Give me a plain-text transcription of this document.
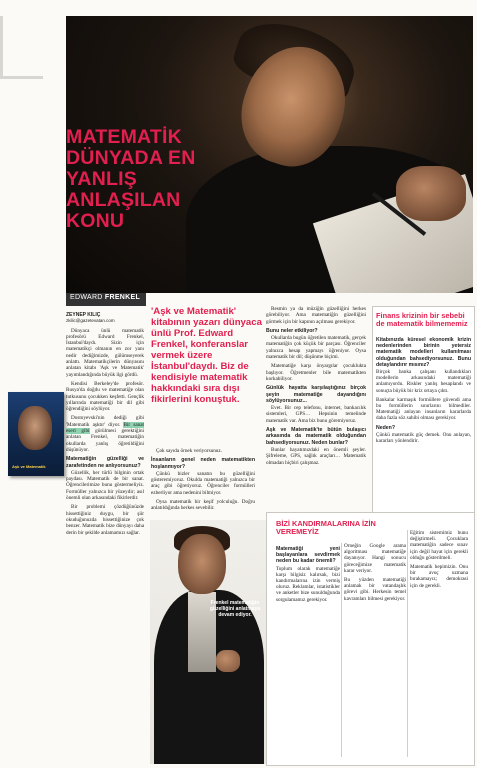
MATEMATİK
DÜNYADA EN
YANLIŞ
ANLAŞILAN
KONU
EDWARD FRENKEL
Aşk ve Matematik
ZEYNEP KILIÇ
zkilic@gazetevatan.com

Dünyaca ünlü matematik profesörü Edward Frenkel, İstanbul'daydı. Sizin için matematikçi olmanın en zor yanı nedir dediğimizde, gülümseyerek anlattı. Matematikçilerin dünyasını anlatan kitabı 'Aşk ve Matematik' yayımlandığında büyük ilgi gördü.

Kendisi Berkeley'de profesör. Rusya'da doğdu ve matematiğe olan tutkusunu çocukken keşfetti. Gençlik yıllarında matematiği bir dil gibi öğrendiğini söylüyor.

Dostoyevski'nin dediği gibi 'Matematik aşktır' diyor. Bir sanat eseri gibi görülmesi gerektiğini anlatan Frenkel, matematiğin okullarda yanlış öğretildiğini düşünüyor.

Matematiğin güzelliği ve zarafetinden ne anlıyorsunuz?

Güzellik, her türlü bilginin ortak paydası. Matematik de bir sanat. Öğrencilerimize bunu göstermeliyiz. Formüller yalnızca bir yüzeydir; asıl önemli olan arkasındaki fikirlerdir.

Bir problemi çözdüğünüzde hissettiğiniz duygu, bir şiir okuduğunuzda hissettiğinize çok benzer. Matematik bize dünyayı daha derin bir şekilde anlamamızı sağlar.

'Aşk ve Matematik' kitabının yazarı dünyaca ünlü Prof. Edward Frenkel, konferanslar vermek üzere İstanbul'daydı. Biz de kendisiyle matematik hakkındaki sıra dışı fikirlerini konuştuk.

Çok sayıda örnek veriyorsunuz.

İnsanların genel neden matematikten hoşlanmıyor?

Çünkü bizler sanatın bu güzelliğini gösteremiyoruz. Okulda matematiği yalnızca bir araç gibi öğretiyoruz. Öğrenciler formülleri ezberliyor ama nedenini bilmiyor.

Oysa matematik bir keşif yolculuğu. Doğru anlatıldığında herkes sevebilir.

Frenkel matematiğin güzelliğini anlatmaya devam ediyor.

Resmin ya da müziğin güzelliğini herkes görebiliyor. Ama matematiğin güzelliğini görmek için bir kapının açılması gerekiyor.

Bunu neler etkiliyor?

Okullarda bugün öğretilen matematik, gerçek matematiğin çok küçük bir parçası. Öğrenciler yalnızca hesap yapmayı öğreniyor. Oysa matematik bir dil; düşünme biçimi.

Matematiğe karşı önyargılar çocuklukta başlıyor. Öğretmenler bile matematikten korkabiliyor.

Günlük hayatta karşılaştığınız birçok şeyin matematiğe dayandığını söylüyorsunuz...

Evet. Bir cep telefonu, internet, bankacılık sistemleri, GPS… Hepsinin temelinde matematik var. Ama biz bunu göremiyoruz.

Aşk ve Matematik'te bütün bulaşıcı arkasında da matematik olduğundan bahsediyorsunuz. Neden bunlar?

Bunlar hayatımızdaki en önemli şeyler. Şifreleme, GPS, sağlık araçları… Matematik olmadan hiçbiri çalışmaz.

Finans krizinin bir sebebi de matematik bilmememiz
Kitabınızda küresel ekonomik krizin nedenlerinden birinin yetersiz matematik modelleri kullanılması olduğundan bahsediyorsunuz. Bunu detaylandırır mısınız?

Birçok banka çalışanı kullandıkları modellerin arkasındaki matematiği anlamıyordu. Riskler yanlış hesaplandı ve sonuçta büyük bir kriz ortaya çıktı.

Bankalar karmaşık formüllere güvendi ama bu formüllerin sınırlarını bilmediler. Matematiği anlayan insanların kararlarda daha fazla söz sahibi olması gerekiyor.

Neden?

Çünkü matematik güç demek. Onu anlayan, kararları yönlendirir.

BİZİ KANDIRMALARINA İZİN VEREMEYİZ
Matematiği yeni başlayanlara sevdirmek neden bu kadar önemli?

Toplum olarak matematiğe karşı bilgisiz kalırsak, bizi kandırmalarına izin vermiş oluruz. Reklamlar, istatistikler ve anketler bize sunulduğunda sorgulamamız gerekiyor.

Örneğin Google arama algoritması matematiğe dayanıyor. Hangi sonucu göreceğimize matematik karar veriyor.

Bu yüzden matematiği anlamak bir vatandaşlık görevi gibi. Herkesin temel kavramları bilmesi gerekiyor.

Eğitim sistemimiz bunu değiştirmeli. Çocuklara matematiğin sadece sınav için değil hayat için gerekli olduğu gösterilmeli.

Matematik hepimizin. Onu bir avuç uzmana bırakamayız; demokrasi için de gerekli.
